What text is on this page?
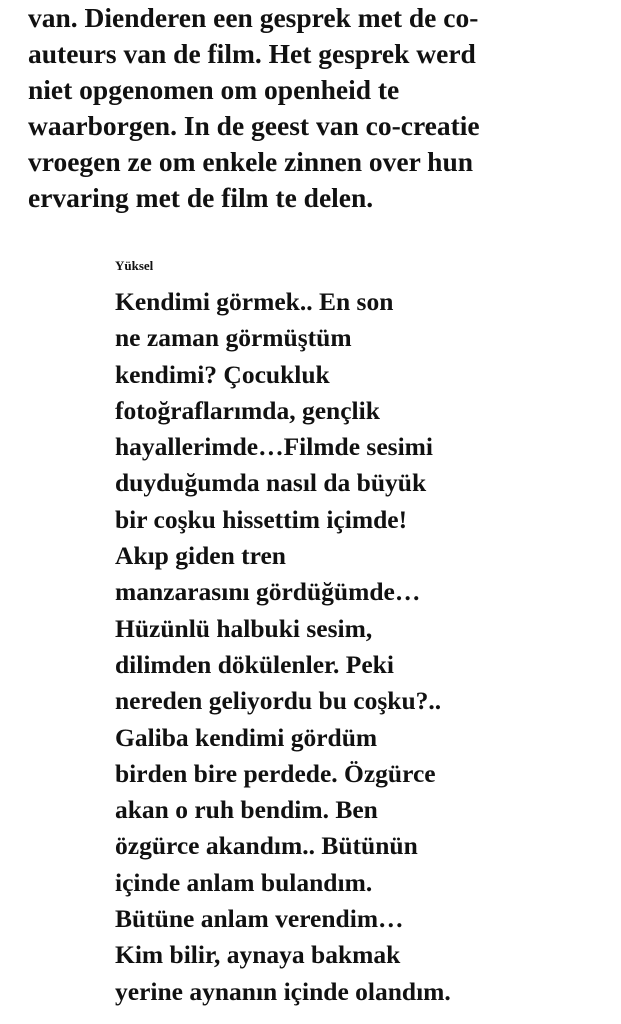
van. Dienderen een gesprek met de co-
auteurs van de film. Het gesprek werd
niet opgenomen om openheid te
waarborgen. In de geest van co-creatie
vroegen ze om enkele zinnen over hun
ervaring met de film te delen.
Yüksel
Kendimi görmek.. En son
ne zaman görmüştüm
kendimi? Çocukluk
fotoğraflarımda, gençlik
hayallerimde…Filmde sesimi
duyduğumda nasıl da büyük
bir coşku hissettim içimde!
Akıp giden tren
manzarasını gördüğümde…
Hüzünlü halbuki sesim,
dilimden dökülenler. Peki
nereden geliyordu bu coşku?..
Galiba kendimi gördüm
birden bire perdede. Özgürce
akan o ruh bendim. Ben
özgürce akandım.. Bütünün
içinde anlam bulandım.
Bütüne anlam verendim…
Kim bilir, aynaya bakmak
yerine aynanın içinde olandım.
